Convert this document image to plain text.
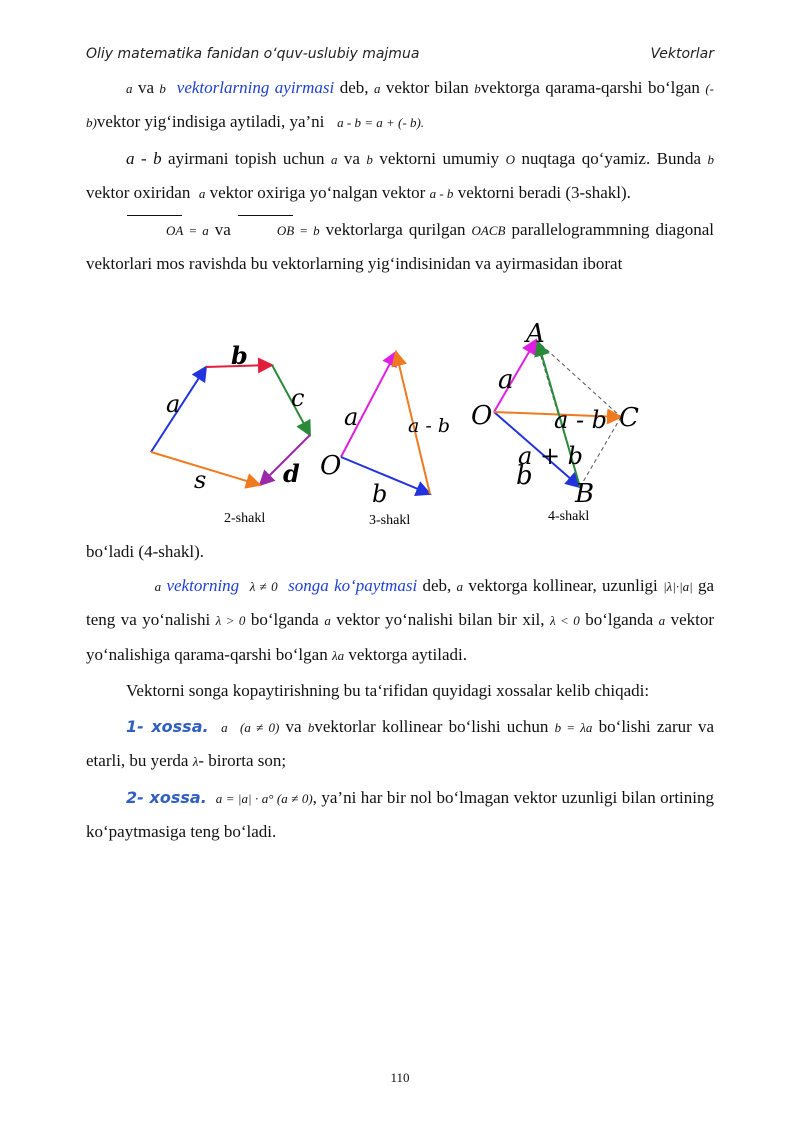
Oliy matematika fanidan o‘quv-uslubiy majmua	Vektorlar

a va b vektorlarning ayirmasi deb, a vektor bilan bvektorga qarama-qarshi bo‘lgan (- b)vektor yig‘indisiga aytiladi, ya’ni   a - b = a + (- b).

a - b ayirmani topish uchun a va b vektorni umumiy O nuqtaga qo‘yamiz. Bunda b vektor oxiridan  a vektor oxiriga yo‘nalgan vektor a - b vektorni beradi (3-shakl).

OA = a va	OB = b vektorlarga qurilgan OACB parallelogrammning diagonal vektorlari mos ravishda bu vektorlarning yig‘indisinidan va ayirmasidan iborat

a
b
c
d
s
2-shakl
a
O
b
a - b
3-shakl
A
a
O	a - b C
a + b
b
B
4-shakl

bo‘ladi (4-shakl).
a vektorning λ ≠ 0 songa ko‘paytmasi deb, a vektorga kollinear, uzunligi |λ|·|a| ga teng va yo‘nalishi λ > 0 bo‘lganda a vektor yo‘nalishi bilan bir xil, λ < 0 bo‘lganda a vektor yo‘nalishiga qarama-qarshi bo‘lgan λa vektorga aytiladi.

Vektorni songa kopaytirishning bu ta‘rifidan quyidagi xossalar kelib chiqadi:

1- xossa. a (a ≠ 0) va bvektorlar kollinear bo‘lishi uchun b = λa bo‘lishi zarur va etarli, bu yerda λ- birorta son;

2- xossa. a = |a| · a° (a ≠ 0), ya’ni har bir nol bo‘lmagan vektor uzunligi bilan ortining ko‘paytmasiga teng bo‘ladi.

110
